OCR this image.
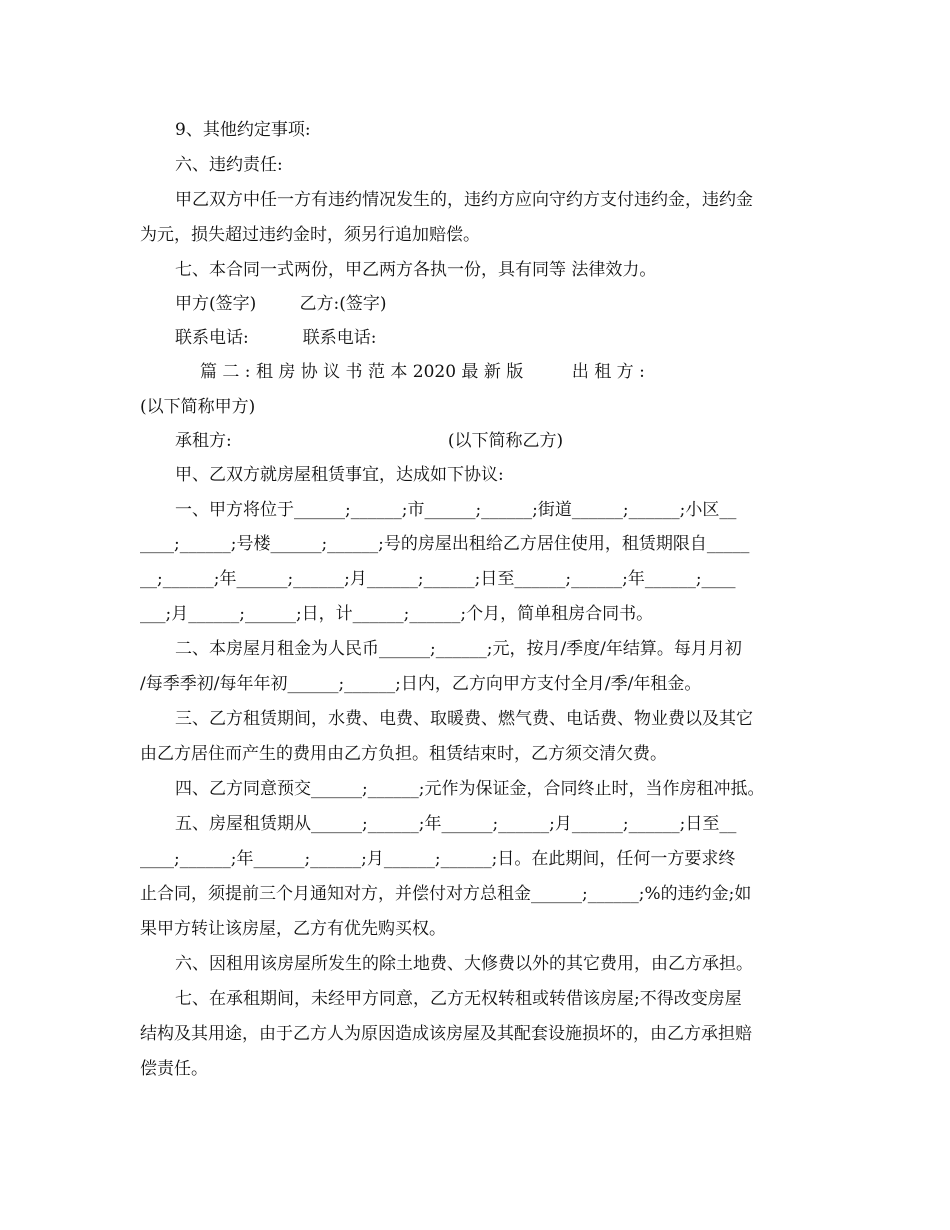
9、其他约定事项:
六、违约责任:
甲乙双方中任一方有违约情况发生的，违约方应向守约方支付违约金，违约金
为元，损失超过违约金时，须另行追加赔偿。
七、本合同一式两份，甲乙两方各执一份，具有同等 法律效力。
甲方(签字)        乙方:(签字)
联系电话:          联系电话:
篇 二 : 租 房 协 议 书 范 本 2020 最 新 版         出 租 方 :
(以下简称甲方)
承租方:                                        (以下简称乙方)
甲、乙双方就房屋租赁事宜，达成如下协议:
一、甲方将位于______;______;市______;______;街道______;______;小区__
____;______;号楼______;______;号的房屋出租给乙方居住使用，租赁期限自_____
__;______;年______;______;月______;______;日至______;______;年______;____
___;月______;______;日，计______;______;个月，简单租房合同书。
二、本房屋月租金为人民币______;______;元，按月/季度/年结算。每月月初
/每季季初/每年年初______;______;日内，乙方向甲方支付全月/季/年租金。
三、乙方租赁期间，水费、电费、取暖费、燃气费、电话费、物业费以及其它
由乙方居住而产生的费用由乙方负担。租赁结束时，乙方须交清欠费。
四、乙方同意预交______;______;元作为保证金，合同终止时，当作房租冲抵。
五、房屋租赁期从______;______;年______;______;月______;______;日至__
____;______;年______;______;月______;______;日。在此期间，任何一方要求终
止合同，须提前三个月通知对方，并偿付对方总租金______;______;%的违约金;如
果甲方转让该房屋，乙方有优先购买权。
六、因租用该房屋所发生的除土地费、大修费以外的其它费用，由乙方承担。
七、在承租期间，未经甲方同意，乙方无权转租或转借该房屋;不得改变房屋
结构及其用途，由于乙方人为原因造成该房屋及其配套设施损坏的，由乙方承担赔
偿责任。
